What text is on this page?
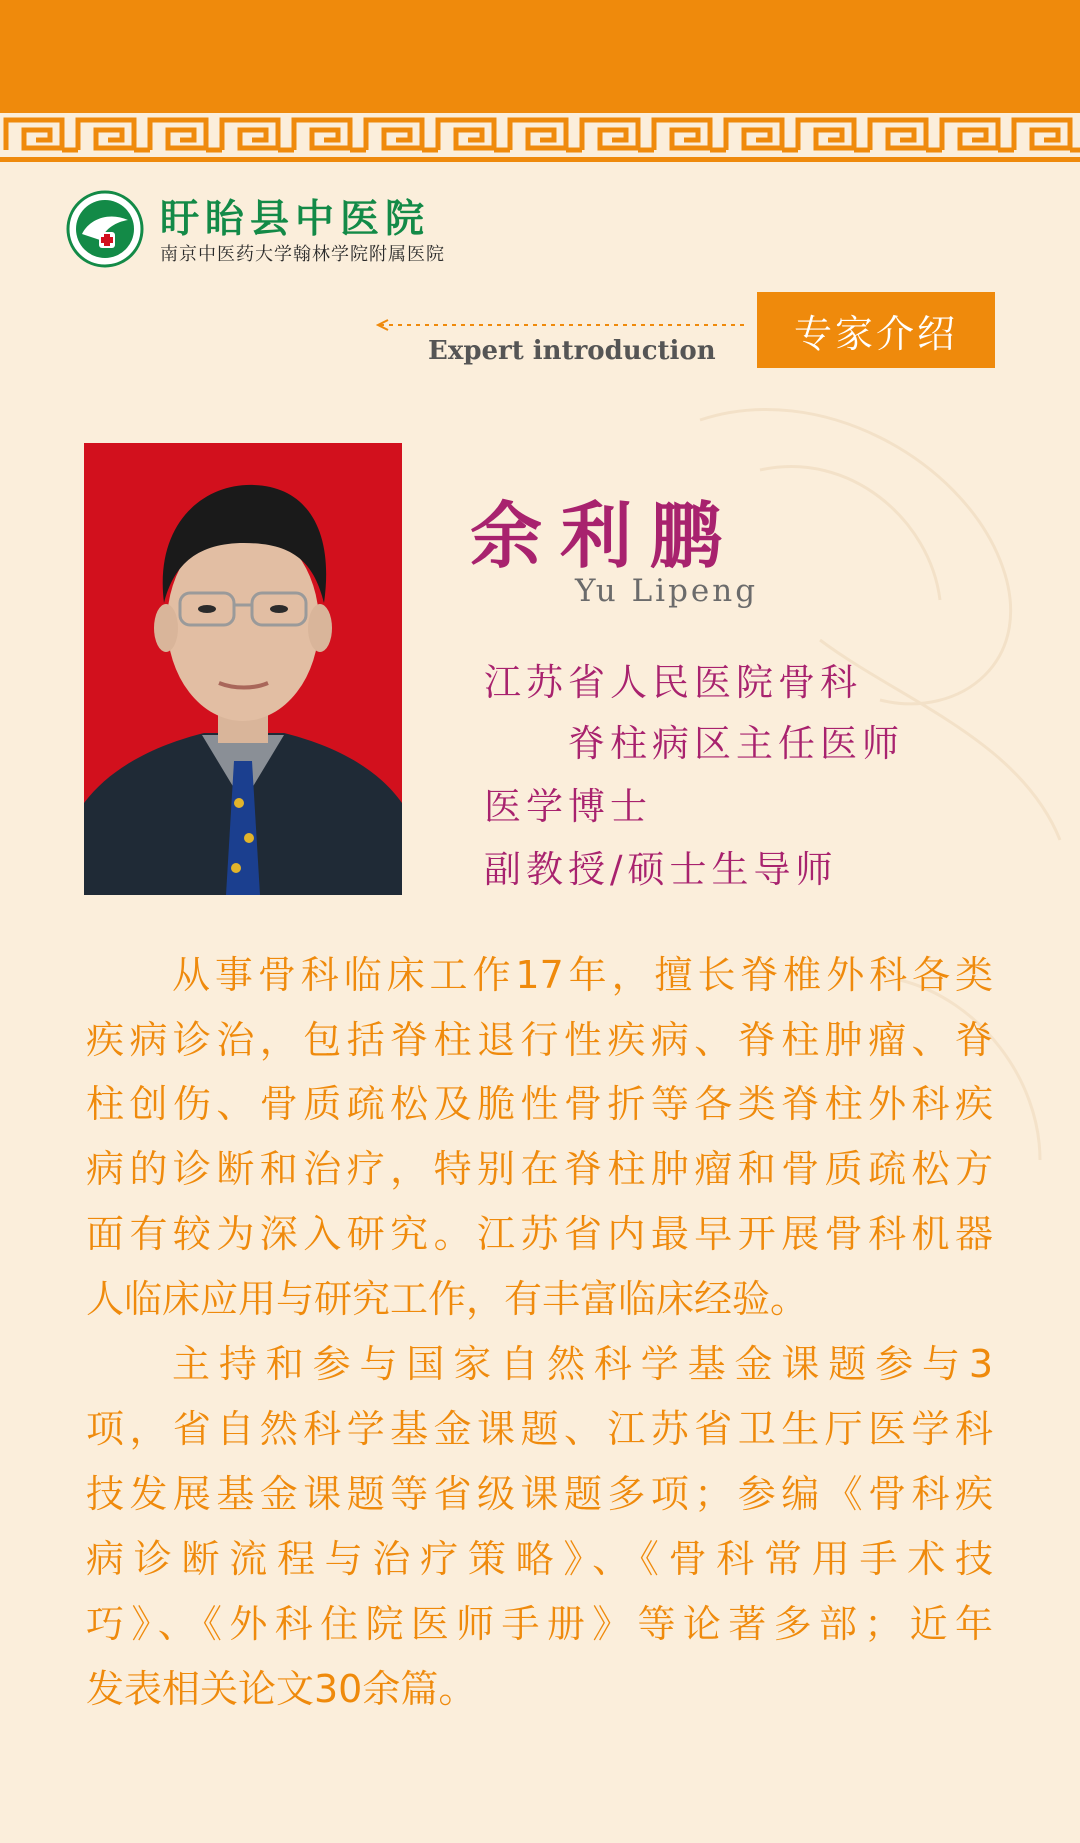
盱眙县中医院
南京中医药大学翰林学院附属医院
Expert introduction	专家介绍
余利鹏
Yu Lipeng
江苏省人民医院骨科
脊柱病区主任医师
医学博士
副教授/硕士生导师
从事骨科临床工作17年，擅长脊椎外科各类
疾病诊治，包括脊柱退行性疾病、脊柱肿瘤、脊
柱创伤、骨质疏松及脆性骨折等各类脊柱外科疾
病的诊断和治疗，特别在脊柱肿瘤和骨质疏松方
面有较为深入研究。江苏省内最早开展骨科机器
人临床应用与研究工作，有丰富临床经验。
主持和参与国家自然科学基金课题参与3
项，省自然科学基金课题、江苏省卫生厅医学科
技发展基金课题等省级课题多项；参编《骨科疾
病诊断流程与治疗策略》、《骨科常用手术技
巧》、《外科住院医师手册》等论著多部；近年
发表相关论文30余篇。
